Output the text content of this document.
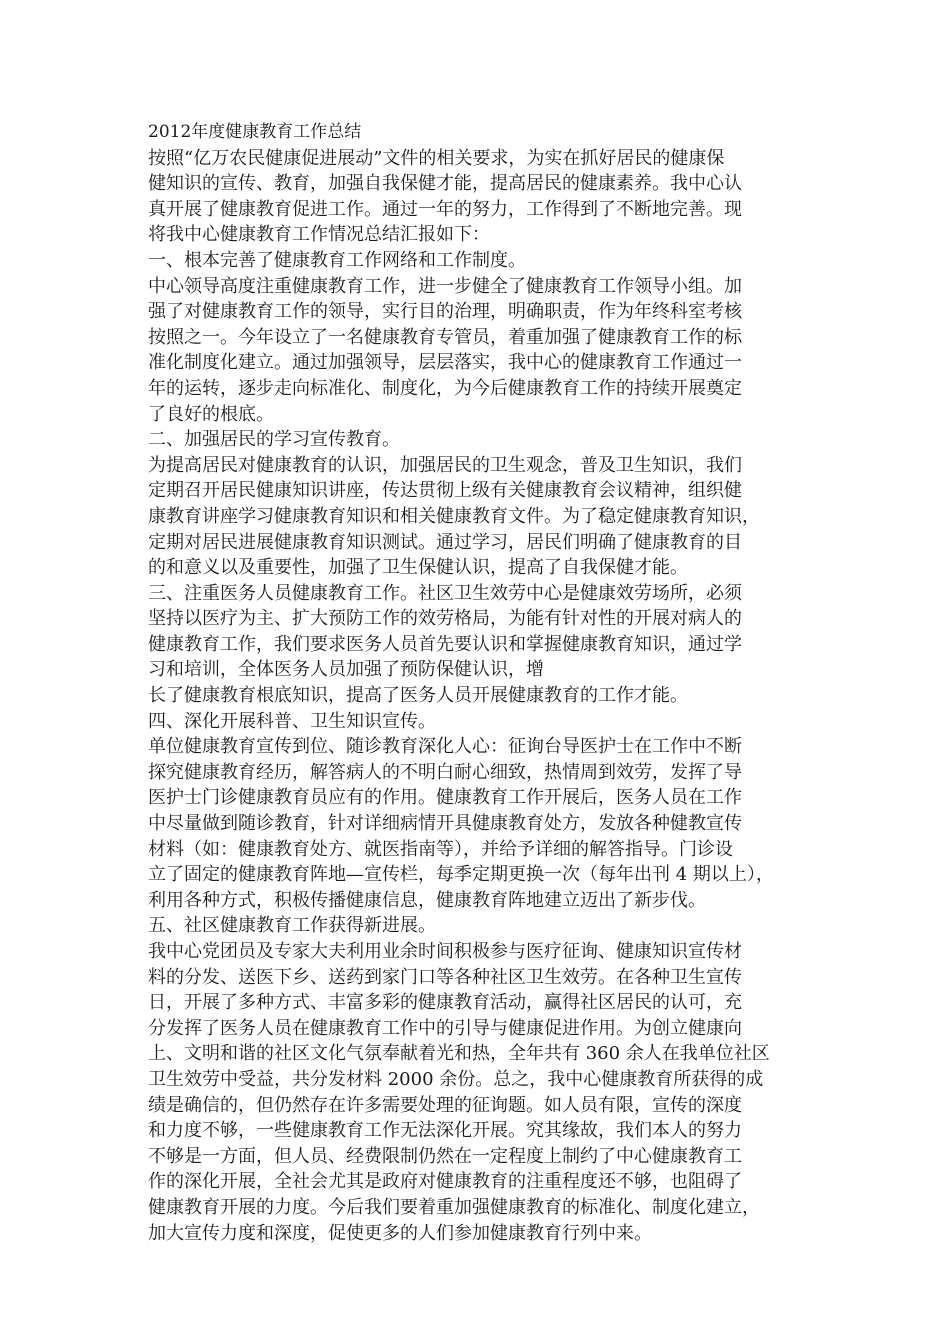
2012年度健康教育工作总结
按照“亿万农民健康促进展动”文件的相关要求，为实在抓好居民的健康保
健知识的宣传、教育，加强自我保健才能，提高居民的健康素养。我中心认
真开展了健康教育促进工作。通过一年的努力，工作得到了不断地完善。现
将我中心健康教育工作情况总结汇报如下：
一、根本完善了健康教育工作网络和工作制度。
中心领导高度注重健康教育工作，进一步健全了健康教育工作领导小组。加
强了对健康教育工作的领导，实行目的治理，明确职责，作为年终科室考核
按照之一。今年设立了一名健康教育专管员，着重加强了健康教育工作的标
准化制度化建立。通过加强领导，层层落实，我中心的健康教育工作通过一
年的运转，逐步走向标准化、制度化，为今后健康教育工作的持续开展奠定
了良好的根底。
二、加强居民的学习宣传教育。
为提高居民对健康教育的认识，加强居民的卫生观念，普及卫生知识，我们
定期召开居民健康知识讲座，传达贯彻上级有关健康教育会议精神，组织健
康教育讲座学习健康教育知识和相关健康教育文件。为了稳定健康教育知识，
定期对居民进展健康教育知识测试。通过学习，居民们明确了健康教育的目
的和意义以及重要性，加强了卫生保健认识，提高了自我保健才能。
三、注重医务人员健康教育工作。社区卫生效劳中心是健康效劳场所，必须
坚持以医疗为主、扩大预防工作的效劳格局，为能有针对性的开展对病人的
健康教育工作，我们要求医务人员首先要认识和掌握健康教育知识，通过学
习和培训，全体医务人员加强了预防保健认识，增
长了健康教育根底知识，提高了医务人员开展健康教育的工作才能。
四、深化开展科普、卫生知识宣传。
单位健康教育宣传到位、随诊教育深化人心：征询台导医护士在工作中不断
探究健康教育经历，解答病人的不明白耐心细致，热情周到效劳，发挥了导
医护士门诊健康教育员应有的作用。健康教育工作开展后，医务人员在工作
中尽量做到随诊教育，针对详细病情开具健康教育处方，发放各种健教宣传
材料（如：健康教育处方、就医指南等），并给予详细的解答指导。门诊设
立了固定的健康教育阵地—宣传栏，每季定期更换一次（每年出刊 4 期以上），
利用各种方式，积极传播健康信息，健康教育阵地建立迈出了新步伐。
五、社区健康教育工作获得新进展。
我中心党团员及专家大夫利用业余时间积极参与医疗征询、健康知识宣传材
料的分发、送医下乡、送药到家门口等各种社区卫生效劳。在各种卫生宣传
日，开展了多种方式、丰富多彩的健康教育活动，赢得社区居民的认可，充
分发挥了医务人员在健康教育工作中的引导与健康促进作用。为创立健康向
上、文明和谐的社区文化气氛奉献着光和热，全年共有 360 余人在我单位社区
卫生效劳中受益，共分发材料 2000 余份。总之，我中心健康教育所获得的成
绩是确信的，但仍然存在许多需要处理的征询题。如人员有限，宣传的深度
和力度不够，一些健康教育工作无法深化开展。究其缘故，我们本人的努力
不够是一方面，但人员、经费限制仍然在一定程度上制约了中心健康教育工
作的深化开展，全社会尤其是政府对健康教育的注重程度还不够，也阻碍了
健康教育开展的力度。今后我们要着重加强健康教育的标准化、制度化建立，
加大宣传力度和深度，促使更多的人们参加健康教育行列中来。
